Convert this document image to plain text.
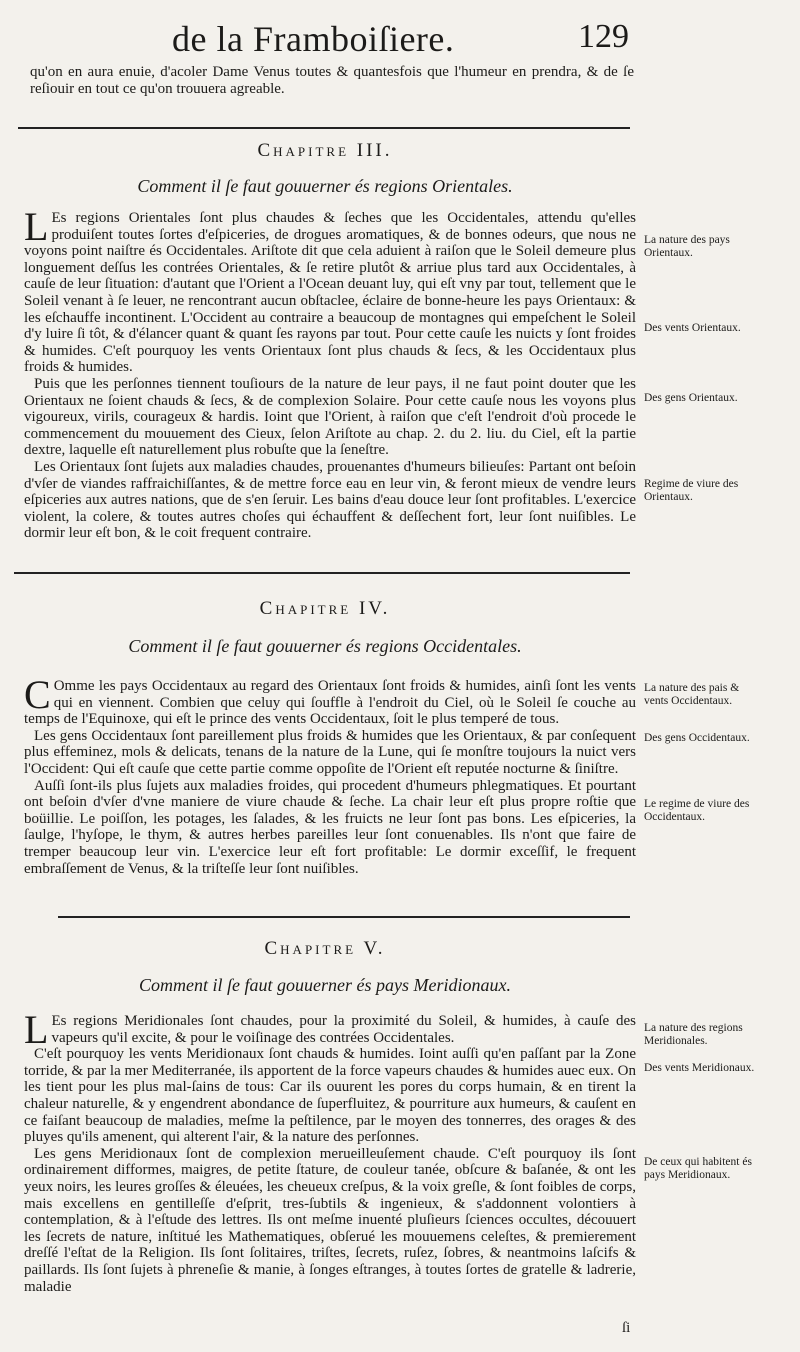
de la Framboiſiere.	129
qu'on en aura enuie, d'acoler Dame Venus toutes & quantesfois que l'humeur en prendra, & de ſe reſiouir en tout ce qu'on trouuera agreable.
Chapitre III.
Comment il ſe faut gouuerner és regions Orientales.

L Es regions Orientales ſont plus chaudes & ſeches que les Occidentales, attendu qu'elles produiſent toutes ſortes d'eſpiceries, de drogues aromatiques, & de bonnes odeurs, que nous ne voyons point naiſtre és Occidentales. Ariſtote dit que cela aduient à raiſon que le Soleil demeure plus longuement deſſus les contrées Orientales, & ſe retire plutôt & arriue plus tard aux Occidentales, à cauſe de leur ſituation: d'autant que l'Orient a l'Ocean deuant luy, qui eſt vny par tout, tellement que le Soleil venant à ſe leuer, ne rencontrant aucun obſtaclee, éclaire de bonne-heure les pays Orientaux: & les eſchauffe incontinent. L'Occident au contraire a beaucoup de montagnes qui empeſchent le Soleil d'y luire ſi tôt, & d'élancer quant & quant ſes rayons par tout. Pour cette cauſe les nuicts y ſont froides & humides. C'eſt pourquoy les vents Orientaux ſont plus chauds & ſecs, & les Occidentaux plus froids & humides.

Puis que les perſonnes tiennent touſiours de la nature de leur pays, il ne faut point douter que les Orientaux ne ſoient chauds & ſecs, & de complexion Solaire. Pour cette cauſe nous les voyons plus vigoureux, virils, courageux & hardis. Ioint que l'Orient, à raiſon que c'eſt l'endroit d'où procede le commencement du mouuement des Cieux, ſelon Ariſtote au chap. 2. du 2. liu. du Ciel, eſt la partie dextre, laquelle eſt naturellement plus robuſte que la ſeneſtre.

Les Orientaux ſont ſujets aux maladies chaudes, prouenantes d'humeurs bilieuſes: Partant ont beſoin d'vſer de viandes raffraichiſſantes, & de mettre force eau en leur vin, & feront mieux de vendre leurs eſpiceries aux autres nations, que de s'en ſeruir. Les bains d'eau douce leur ſont profitables. L'exercice violent, la colere, & toutes autres choſes qui échauffent & deſſechent fort, leur ſont nuiſibles. Le dormir leur eſt bon, & le coit frequent contraire.

La nature des pays Orientaux.
Des vents Orientaux.
Des gens Orientaux.
Regime de viure des Orientaux.
Chapitre IV.
Comment il ſe faut gouuerner és regions Occidentales.

C Omme les pays Occidentaux au regard des Orientaux ſont froids & humides, ainſi ſont les vents qui en viennent. Combien que celuy qui ſouffle à l'endroit du Ciel, où le Soleil ſe couche au temps de l'Equinoxe, qui eſt le prince des vents Occidentaux, ſoit le plus temperé de tous.

Les gens Occidentaux ſont pareillement plus froids & humides que les Orientaux, & par conſequent plus effeminez, mols & delicats, tenans de la nature de la Lune, qui ſe monſtre toujours la nuict vers l'Occident: Qui eſt cauſe que cette partie comme oppoſite de l'Orient eſt reputée nocturne & ſiniſtre.

Auſſi ſont-ils plus ſujets aux maladies froides, qui procedent d'humeurs phlegmatiques. Et pourtant ont beſoin d'vſer d'vne maniere de viure chaude & ſeche. La chair leur eſt plus propre roſtie que boüillie. Le poiſſon, les potages, les ſalades, & les fruicts ne leur ſont pas bons. Les eſpiceries, la ſaulge, l'hyſope, le thym, & autres herbes pareilles leur ſont conuenables. Ils n'ont que faire de tremper beaucoup leur vin. L'exercice leur eſt fort profitable: Le dormir exceſſif, le frequent embraſſement de Venus, & la triſteſſe leur ſont nuiſibles.

La nature des pais & vents Occidentaux.
Des gens Occidentaux.
Le regime de viure des Occidentaux.
Chapitre V.
Comment il ſe faut gouuerner és pays Meridionaux.

L Es regions Meridionales ſont chaudes, pour la proximité du Soleil, & humides, à cauſe des vapeurs qu'il excite, & pour le voiſinage des contrées Occidentales.

C'eſt pourquoy les vents Meridionaux ſont chauds & humides. Ioint auſſi qu'en paſſant par la Zone torride, & par la mer Mediterranée, ils apportent de la force vapeurs chaudes & humides auec eux. On les tient pour les plus mal-ſains de tous: Car ils ouurent les pores du corps humain, & en tirent la chaleur naturelle, & y engendrent abondance de ſuperfluitez, & pourriture aux humeurs, & cauſent en ce faiſant beaucoup de maladies, meſme la peſtilence, par le moyen des tonnerres, des orages & des pluyes qu'ils amenent, qui alterent l'air, & la nature des perſonnes.

Les gens Meridionaux ſont de complexion merueilleuſement chaude. C'eſt pourquoy ils ſont ordinairement difformes, maigres, de petite ſtature, de couleur tanée, obſcure & baſanée, & ont les yeux noirs, les leures groſſes & éleuées, les cheueux creſpus, & la voix greſle, & ſont foibles de corps, mais excellens en gentilleſſe d'eſprit, tres-ſubtils & ingenieux, & s'addonnent volontiers à contemplation, & à l'eſtude des lettres. Ils ont meſme inuenté pluſieurs ſciences occultes, découuert les ſecrets de nature, inſtitué les Mathematiques, obſerué les mouuemens celeſtes, & premierement dreſſé l'eſtat de la Religion. Ils ſont ſolitaires, triſtes, ſecrets, ruſez, ſobres, & neantmoins laſcifs & paillards. Ils ſont ſujets à phreneſie & manie, à ſonges eſtranges, à toutes ſortes de gratelle & ladrerie, maladie

La nature des regions Meridionales.
Des vents Meridionaux.
De ceux qui habitent és pays Meridionaux.
ſi
